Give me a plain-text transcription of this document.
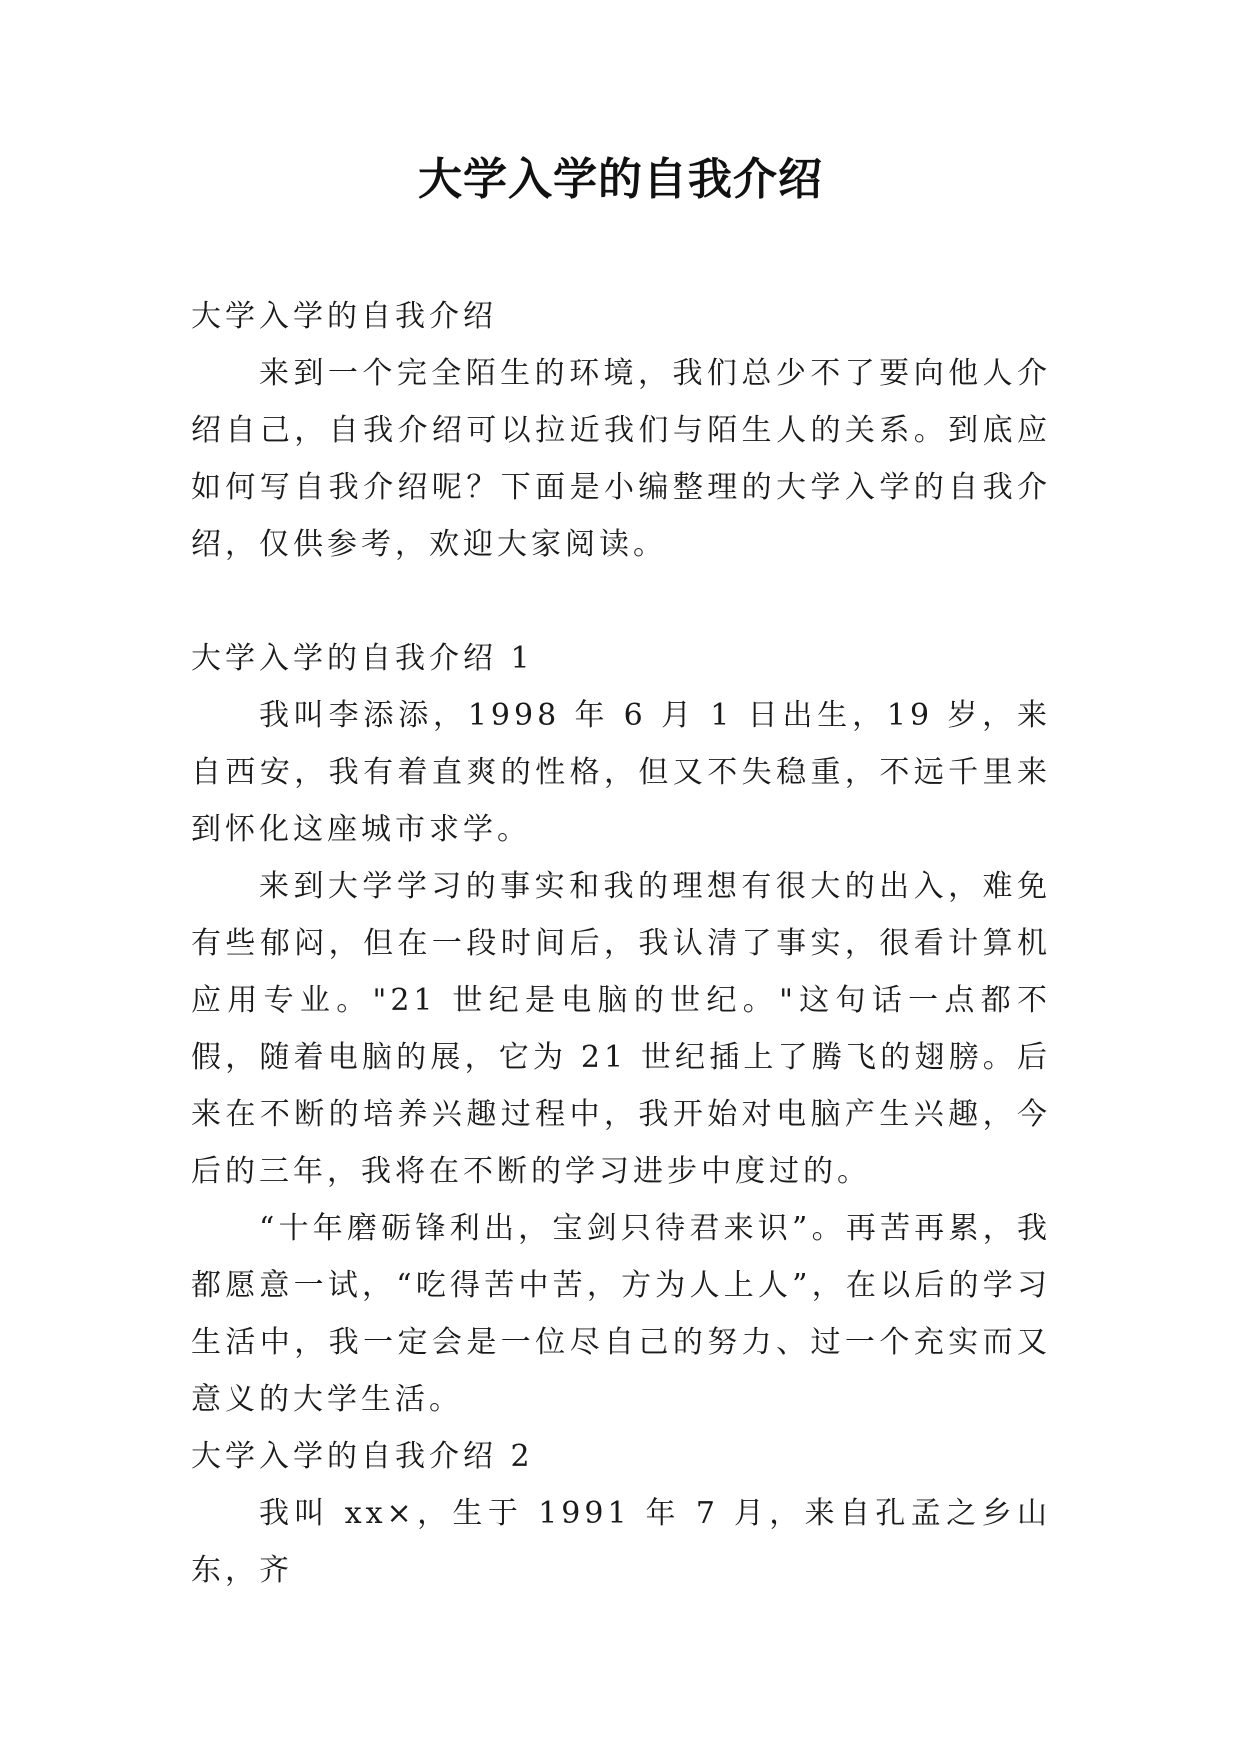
大学入学的自我介绍

大学入学的自我介绍

来到一个完全陌生的环境，我们总少不了要向他人介绍自己，自我介绍可以拉近我们与陌生人的关系。到底应如何写自我介绍呢？下面是小编整理的大学入学的自我介绍，仅供参考，欢迎大家阅读。

大学入学的自我介绍 1

我叫李添添，1998 年 6 月 1 日出生，19 岁，来自西安，我有着直爽的性格，但又不失稳重，不远千里来到怀化这座城市求学。

来到大学学习的事实和我的理想有很大的出入，难免有些郁闷，但在一段时间后，我认清了事实，很看计算机应用专业。"21 世纪是电脑的世纪。"这句话一点都不假，随着电脑的展，它为 21 世纪插上了腾飞的翅膀。后来在不断的培养兴趣过程中，我开始对电脑产生兴趣，今后的三年，我将在不断的学习进步中度过的。

“十年磨砺锋利出，宝剑只待君来识”。再苦再累，我都愿意一试，“吃得苦中苦，方为人上人”，在以后的学习生活中，我一定会是一位尽自己的努力、过一个充实而又意义的大学生活。

大学入学的自我介绍 2

我叫 xx×，生于 1991 年 7 月，来自孔孟之乡山东，齐
